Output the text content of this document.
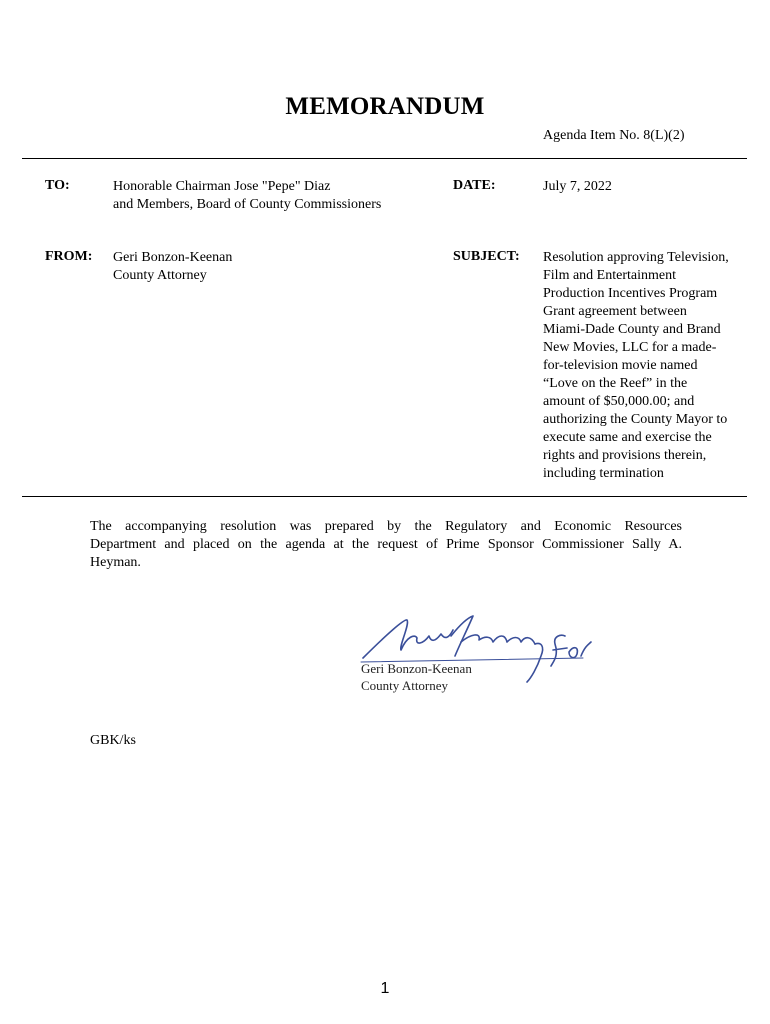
MEMORANDUM
Agenda Item No. 8(L)(2)
TO:	Honorable Chairman Jose "Pepe" Diaz
and Members, Board of County Commissioners
DATE:	July 7, 2022
FROM: Geri Bonzon-Keenan
County Attorney
SUBJECT: Resolution approving Television,
Film and Entertainment
Production Incentives Program
Grant agreement between
Miami-Dade County and Brand
New Movies, LLC for a made-
for-television movie named
“Love on the Reef” in the
amount of $50,000.00; and
authorizing the County Mayor to
execute same and exercise the
rights and provisions therein,
including termination
The accompanying resolution was prepared by the Regulatory and Economic Resources
Department and placed on the agenda at the request of Prime Sponsor Commissioner Sally A.
Heyman.
Geri Bonzon-Keenan
County Attorney
GBK/ks
1
